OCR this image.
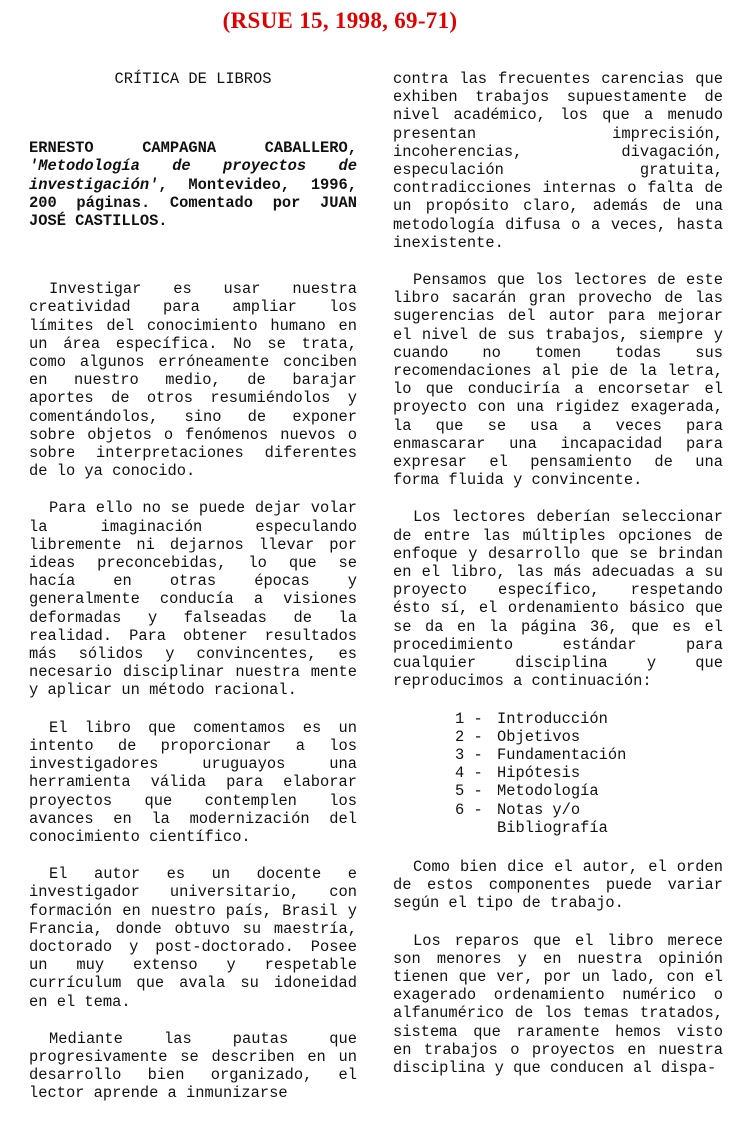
(RSUE 15, 1998, 69-71)
CRÍTICA DE LIBROS
ERNESTO CAMPAGNA CABALLERO, 'Metodología de proyectos de investigación', Montevideo, 1996, 200 páginas. Comentado por JUAN JOSÉ CASTILLOS.

Investigar es usar nuestra creatividad para ampliar los límites del conocimiento humano en un área específica. No se trata, como algunos erróneamente conciben en nuestro medio, de barajar aportes de otros resumiéndolos y comentándolos, sino de exponer sobre objetos o fenómenos nuevos o sobre interpretaciones diferentes de lo ya conocido.

Para ello no se puede dejar volar la imaginación especulando libremente ni dejarnos llevar por ideas preconcebidas, lo que se hacía en otras épocas y generalmente conducía a visiones deformadas y falseadas de la realidad. Para obtener resultados más sólidos y convincentes, es necesario disciplinar nuestra mente y aplicar un método racional.

El libro que comentamos es un intento de proporcionar a los investigadores uruguayos una herramienta válida para elaborar proyectos que contemplen los avances en la modernización del conocimiento científico.

El autor es un docente e investigador universitario, con formación en nuestro país, Brasil y Francia, donde obtuvo su maestría, doctorado y post-doctorado. Posee un muy extenso y respetable currículum que avala su idoneidad en el tema.

Mediante las pautas que progresivamente se describen en un desarrollo bien organizado, el lector aprende a inmunizarse

contra las frecuentes carencias que exhiben trabajos supuestamente de nivel académico, los que a menudo presentan imprecisión, incoherencias, divagación, especulación gratuita, contradicciones internas o falta de un propósito claro, además de una metodología difusa o a veces, hasta inexistente.

Pensamos que los lectores de este libro sacarán gran provecho de las sugerencias del autor para mejorar el nivel de sus trabajos, siempre y cuando no tomen todas sus recomendaciones al pie de la letra, lo que conduciría a encorsetar el proyecto con una rigidez exagerada, la que se usa a veces para enmascarar una incapacidad para expresar el pensamiento de una forma fluida y convincente.

Los lectores deberían seleccionar de entre las múltiples opciones de enfoque y desarrollo que se brindan en el libro, las más adecuadas a su proyecto específico, respetando ésto sí, el ordenamiento básico que se da en la página 36, que es el procedimiento estándar para cualquier disciplina y que reproducimos a continuación:

1 - Introducción
2 - Objetivos
3 - Fundamentación
4 - Hipótesis
5 - Metodología
6 - Notas y/o
Bibliografía

Como bien dice el autor, el orden de estos componentes puede variar según el tipo de trabajo.

Los reparos que el libro merece son menores y en nuestra opinión tienen que ver, por un lado, con el exagerado ordenamiento numérico o alfanumérico de los temas tratados, sistema que raramente hemos visto en trabajos o proyectos en nuestra disciplina y que conducen al dispa-
